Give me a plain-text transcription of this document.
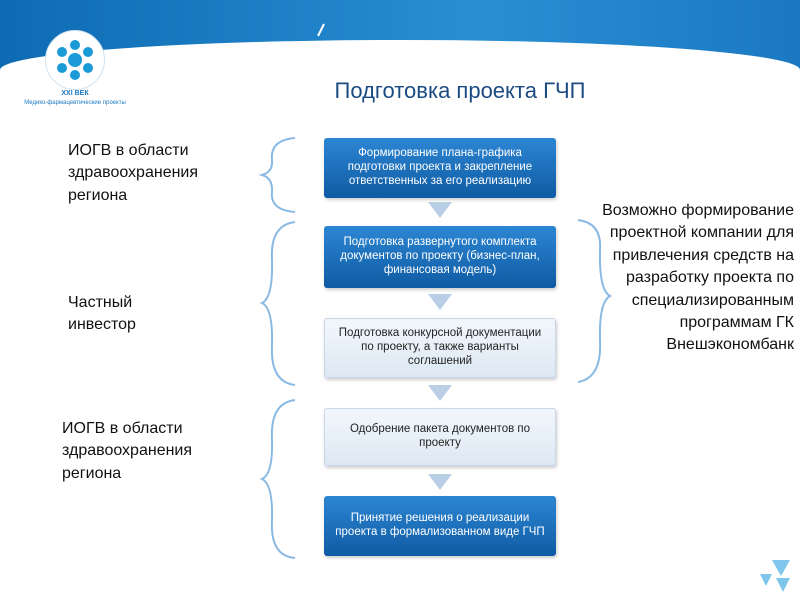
XXI ВЕК
Медико-фармацевтические проекты	Подготовка проекта ГЧП
Формирование плана-графика подготовки проекта и закрепление ответственных за его реализацию
Подготовка развернутого комплекта документов по проекту (бизнес-план, финансовая модель)
Подготовка конкурсной документации по проекту, а также варианты соглашений
Одобрение пакета документов по проекту
Принятие решения о реализации проекта в формализованном виде ГЧП
ИОГВ в области здравоохранения региона
Частный инвестор
ИОГВ в области здравоохранения региона
Возможно формирование проектной компании для привлечения средств на разработку проекта по специализированным программам ГК Внешэкономбанк
